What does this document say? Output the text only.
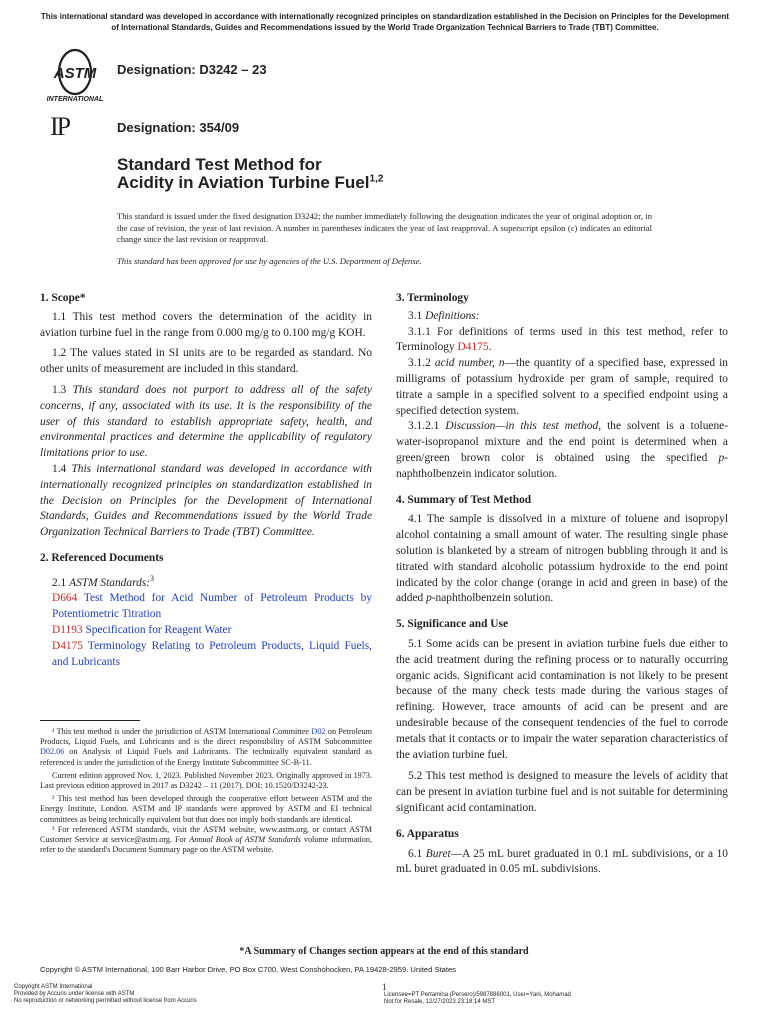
This international standard was developed in accordance with internationally recognized principles on standardization established in the Decision on Principles for the Development of International Standards, Guides and Recommendations issued by the World Trade Organization Technical Barriers to Trade (TBT) Committee.
ASTM
INTERNATIONAL
Designation: D3242 – 23
IP	Designation: 354/09
Standard Test Method for
Acidity in Aviation Turbine Fuel$^{1,2}$
This standard is issued under the fixed designation D3242; the number immediately following the designation indicates the year of original adoption or, in the case of revision, the year of last revision. A number in parentheses indicates the year of last reapproval. A superscript epsilon (ε) indicates an editorial change since the last revision or reapproval.
This standard has been approved for use by agencies of the U.S. Department of Defense.

1. Scope*

1.1 This test method covers the determination of the acidity in aviation turbine fuel in the range from 0.000 mg/g to 0.100 mg/g KOH.

1.2 The values stated in SI units are to be regarded as standard. No other units of measurement are included in this standard.

1.3 This standard does not purport to address all of the safety concerns, if any, associated with its use. It is the responsibility of the user of this standard to establish appropriate safety, health, and environmental practices and determine the applicability of regulatory limitations prior to use.

1.4 This international standard was developed in accordance with internationally recognized principles on standardization established in the Decision on Principles for the Development of International Standards, Guides and Recommendations issued by the World Trade Organization Technical Barriers to Trade (TBT) Committee.

2. Referenced Documents

2.1 ASTM Standards:$^3$

D664 Test Method for Acid Number of Petroleum Products by Potentiometric Titration

D1193 Specification for Reagent Water

D4175 Terminology Relating to Petroleum Products, Liquid Fuels, and Lubricants

¹ This test method is under the jurisdiction of ASTM International Committee D02 on Petroleum Products, Liquid Fuels, and Lubricants and is the direct responsibility of ASTM Subcommittee D02.06 on Analysis of Liquid Fuels and Lubricants. The technically equivalent standard as referenced is under the jurisdiction of the Energy Institute Subcommittee SC-B-11.

Current edition approved Nov. 1, 2023. Published November 2023. Originally approved in 1973. Last previous edition approved in 2017 as D3242 – 11 (2017). DOI: 10.1520/D3242-23.

² This test method has been developed through the cooperative effort between ASTM and the Energy Institute, London. ASTM and IP standards were approved by ASTM and EI technical committees as being technically equivalent but that does not imply both standards are identical.

³ For referenced ASTM standards, visit the ASTM website, www.astm.org, or contact ASTM Customer Service at service@astm.org. For Annual Book of ASTM Standards volume information, refer to the standard's Document Summary page on the ASTM website.

3. Terminology

3.1 Definitions:

3.1.1 For definitions of terms used in this test method, refer to Terminology D4175.

3.1.2 acid number, n—the quantity of a specified base, expressed in milligrams of potassium hydroxide per gram of sample, required to titrate a sample in a specified solvent to a specified endpoint using a specified detection system.

3.1.2.1 Discussion—in this test method, the solvent is a toluene-water-isopropanol mixture and the end point is determined when a green/green brown color is obtained using the specified p-naphtholbenzein indicator solution.

4. Summary of Test Method

4.1 The sample is dissolved in a mixture of toluene and isopropyl alcohol containing a small amount of water. The resulting single phase solution is blanketed by a stream of nitrogen bubbling through it and is titrated with standard alcoholic potassium hydroxide to the end point indicated by the color change (orange in acid and green in base) of the added p-naphtholbenzein solution.

5. Significance and Use

5.1 Some acids can be present in aviation turbine fuels due either to the acid treatment during the refining process or to naturally occurring organic acids. Significant acid contamination is not likely to be present because of the many check tests made during the various stages of refining. However, trace amounts of acid can be present and are undesirable because of the consequent tendencies of the fuel to corrode metals that it contacts or to impair the water separation characteristics of the aviation turbine fuel.

5.2 This test method is designed to measure the levels of acidity that can be present in aviation turbine fuel and is not suitable for determining significant acid contamination.

6. Apparatus

6.1 Buret—A 25 mL buret graduated in 0.1 mL subdivisions, or a 10 mL buret graduated in 0.05 mL subdivisions.

*A Summary of Changes section appears at the end of this standard
Copyright © ASTM International, 100 Barr Harbor Drive, PO Box C700, West Conshohocken, PA 19428-2959. United States
1
Copyright ASTM International
Provided by Accuris under license with ASTM
No reproduction or networking permitted without license from Accuris
Licensee=PT Pertamina (Persero)/5987886001, User=Yani, Mohamad
Not for Resale, 12/27/2023 23:18:14 MST
